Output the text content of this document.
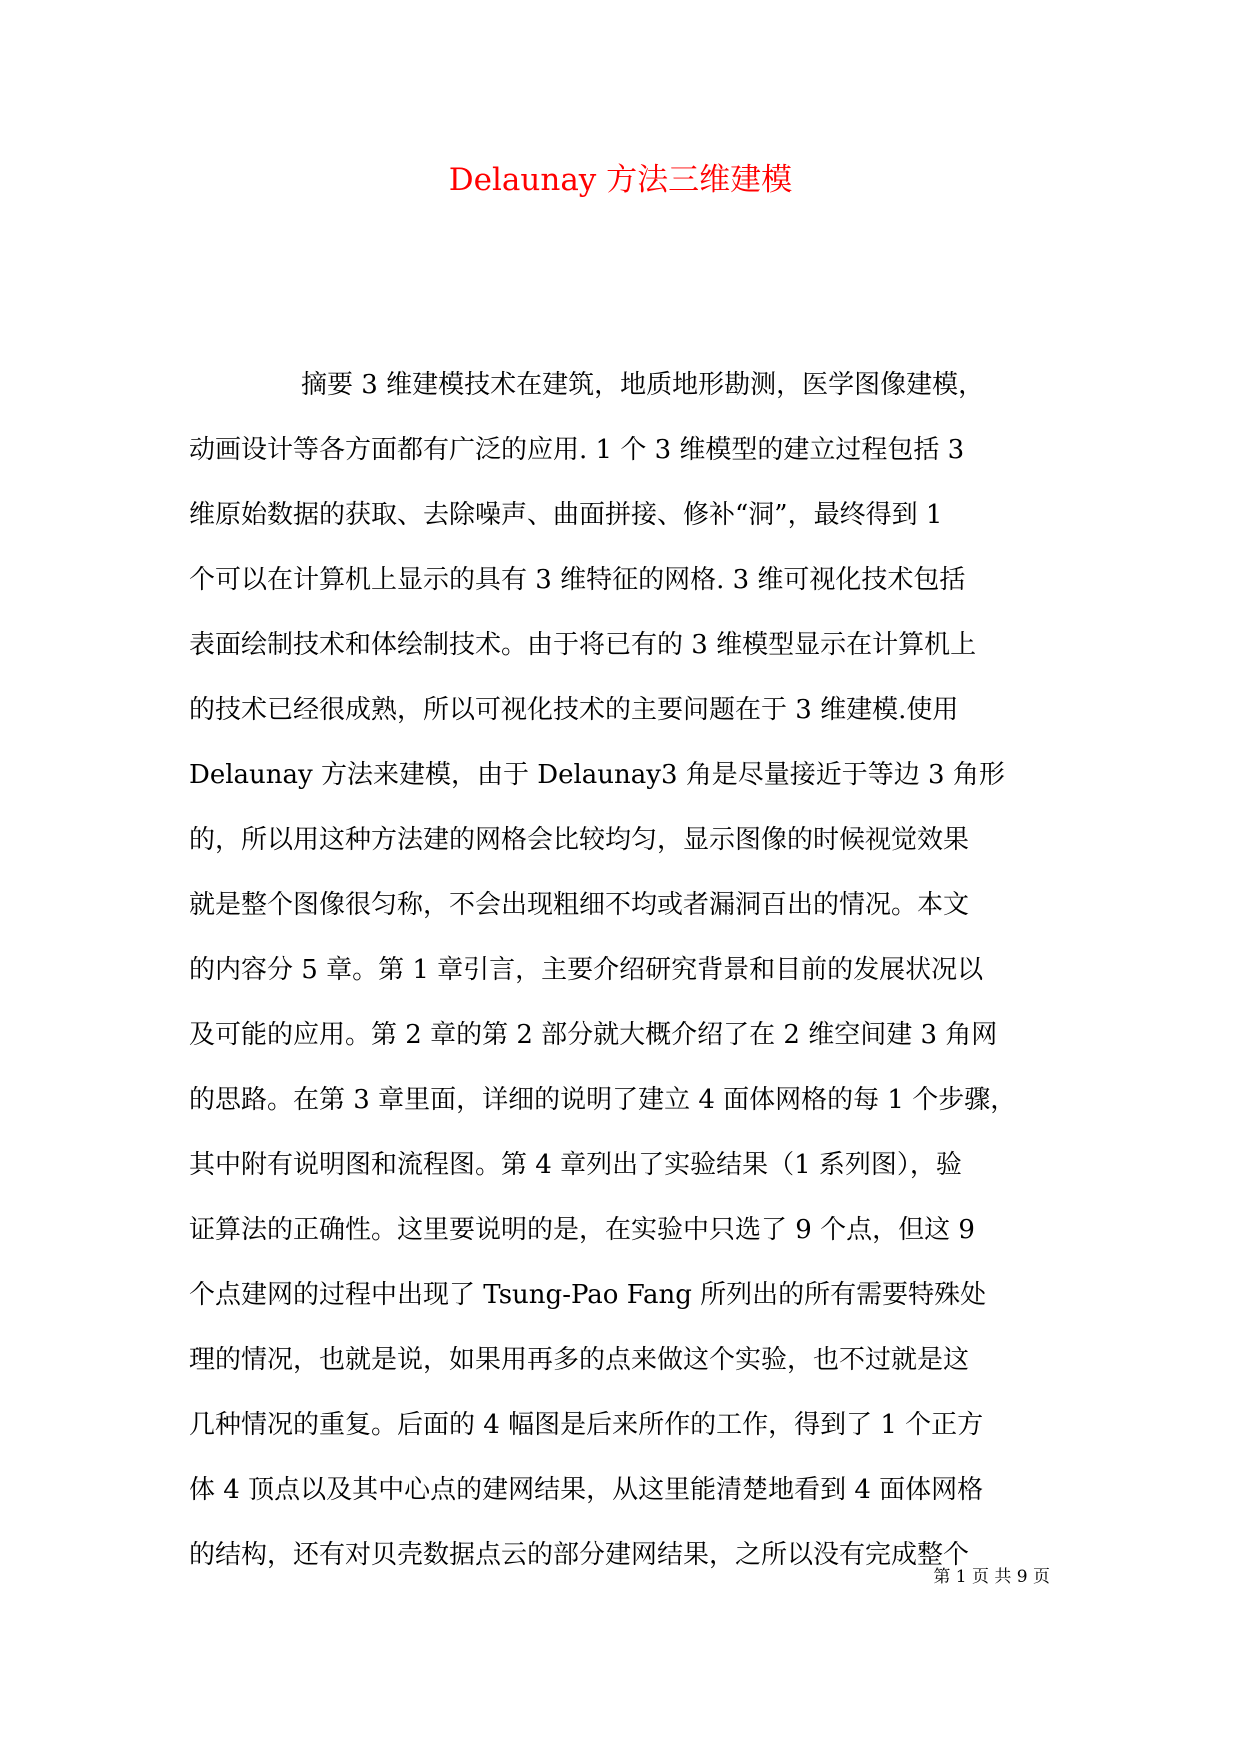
Delaunay 方法三维建模
摘要 3 维建模技术在建筑，地质地形勘测，医学图像建模，
动画设计等各方面都有广泛的应用. 1 个 3 维模型的建立过程包括 3
维原始数据的获取、去除噪声、曲面拼接、修补“洞”，最终得到 1
个可以在计算机上显示的具有 3 维特征的网格. 3 维可视化技术包括
表面绘制技术和体绘制技术。由于将已有的 3 维模型显示在计算机上
的技术已经很成熟，所以可视化技术的主要问题在于 3 维建模.使用
Delaunay 方法来建模，由于 Delaunay3 角是尽量接近于等边 3 角形
的，所以用这种方法建的网格会比较均匀，显示图像的时候视觉效果
就是整个图像很匀称，不会出现粗细不均或者漏洞百出的情况。本文
的内容分 5 章。第 1 章引言，主要介绍研究背景和目前的发展状况以
及可能的应用。第 2 章的第 2 部分就大概介绍了在 2 维空间建 3 角网
的思路。在第 3 章里面，详细的说明了建立 4 面体网格的每 1 个步骤，
其中附有说明图和流程图。第 4 章列出了实验结果（1 系列图），验
证算法的正确性。这里要说明的是，在实验中只选了 9 个点，但这 9
个点建网的过程中出现了 Tsung-Pao Fang 所列出的所有需要特殊处
理的情况，也就是说，如果用再多的点来做这个实验，也不过就是这
几种情况的重复。后面的 4 幅图是后来所作的工作，得到了 1 个正方
体 4 顶点以及其中心点的建网结果，从这里能清楚地看到 4 面体网格
的结构，还有对贝壳数据点云的部分建网结果，之所以没有完成整个
第 1 页 共 9 页
